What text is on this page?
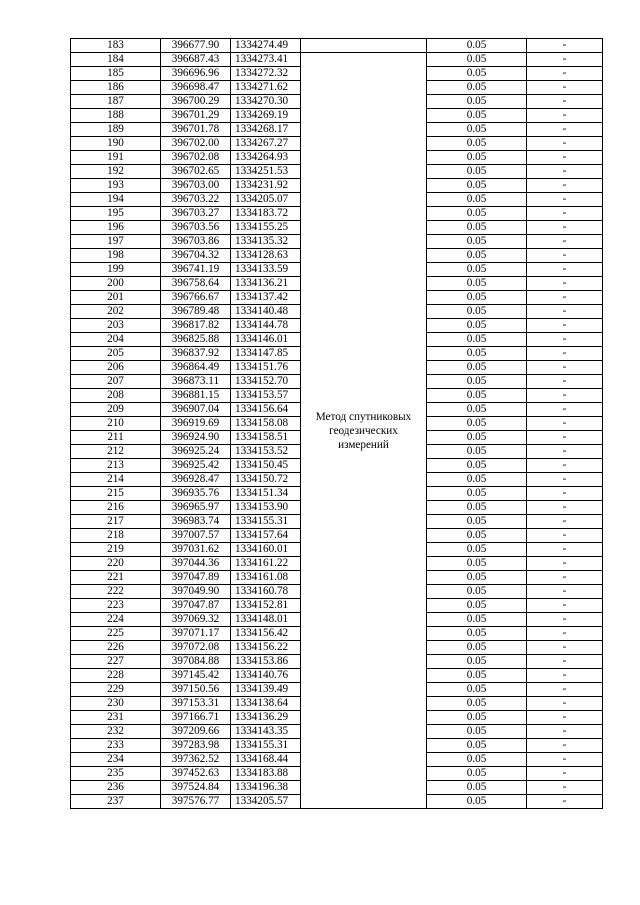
183	396677.90	1334274.49		0.05	-
184	396687.43	1334273.41	Метод спутниковых геодезических измерений	0.05	-
185	396696.96	1334272.32		0.05	-
186	396698.47	1334271.62		0.05	-
187	396700.29	1334270.30		0.05	-
188	396701.29	1334269.19		0.05	-
189	396701.78	1334268.17		0.05	-
190	396702.00	1334267.27		0.05	-
191	396702.08	1334264.93		0.05	-
192	396702.65	1334251.53		0.05	-
193	396703.00	1334231.92		0.05	-
194	396703.22	1334205.07		0.05	-
195	396703.27	1334183.72		0.05	-
196	396703.56	1334155.25		0.05	-
197	396703.86	1334135.32		0.05	-
198	396704.32	1334128.63		0.05	-
199	396741.19	1334133.59		0.05	-
200	396758.64	1334136.21		0.05	-
201	396766.67	1334137.42		0.05	-
202	396789.48	1334140.48		0.05	-
203	396817.82	1334144.78		0.05	-
204	396825.88	1334146.01		0.05	-
205	396837.92	1334147.85		0.05	-
206	396864.49	1334151.76		0.05	-
207	396873.11	1334152.70		0.05	-
208	396881.15	1334153.57		0.05	-
209	396907.04	1334156.64		0.05	-
210	396919.69	1334158.08		0.05	-
211	396924.90	1334158.51		0.05	-
212	396925.24	1334153.52		0.05	-
213	396925.42	1334150.45		0.05	-
214	396928.47	1334150.72		0.05	-
215	396935.76	1334151.34		0.05	-
216	396965.97	1334153.90		0.05	-
217	396983.74	1334155.31		0.05	-
218	397007.57	1334157.64		0.05	-
219	397031.62	1334160.01		0.05	-
220	397044.36	1334161.22		0.05	-
221	397047.89	1334161.08		0.05	-
222	397049.90	1334160.78		0.05	-
223	397047.87	1334152.81		0.05	-
224	397069.32	1334148.01		0.05	-
225	397071.17	1334156.42		0.05	-
226	397072.08	1334156.22		0.05	-
227	397084.88	1334153.86		0.05	-
228	397145.42	1334140.76		0.05	-
229	397150.56	1334139.49		0.05	-
230	397153.31	1334138.64		0.05	-
231	397166.71	1334136.29		0.05	-
232	397209.66	1334143.35		0.05	-
233	397283.98	1334155.31		0.05	-
234	397362.52	1334168.44		0.05	-
235	397452.63	1334183.88		0.05	-
236	397524.84	1334196.38		0.05	-
237	397576.77	1334205.57		0.05	-
